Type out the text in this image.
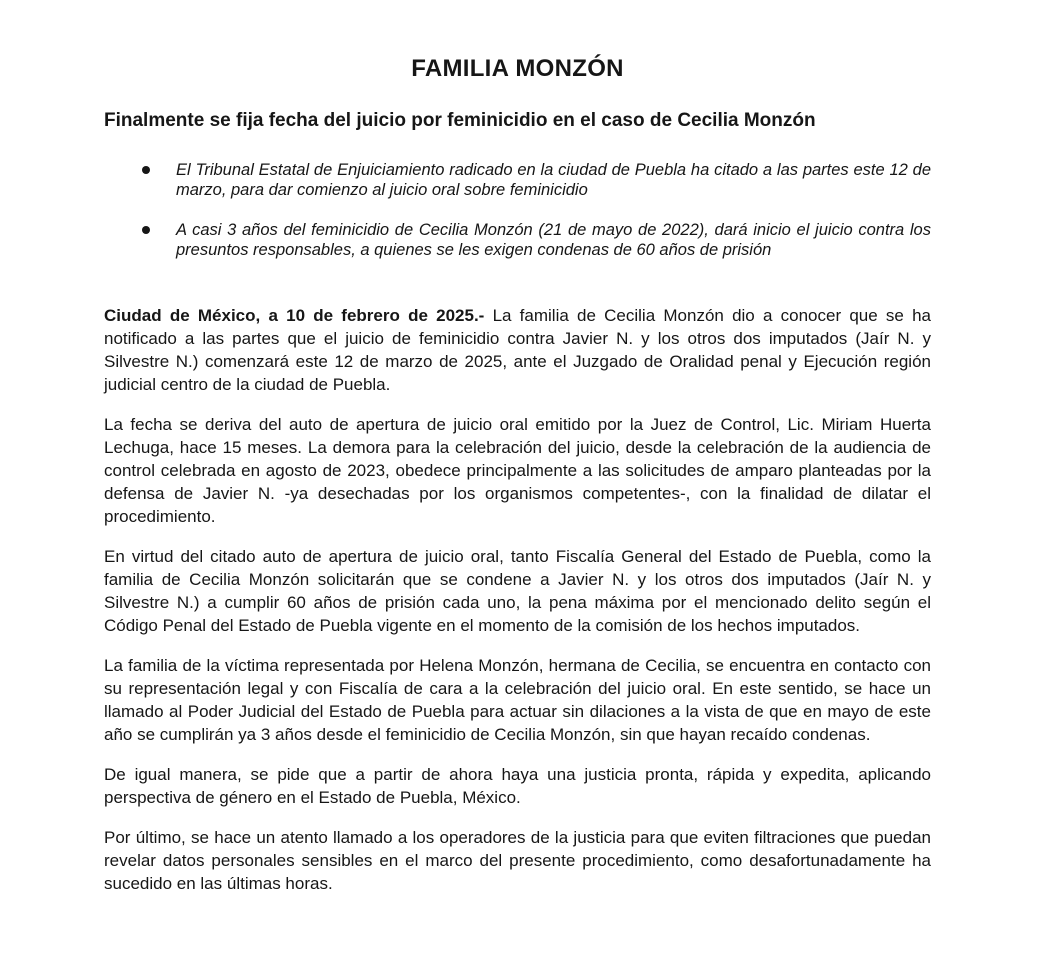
FAMILIA MONZÓN
Finalmente se fija fecha del juicio por feminicidio en el caso de Cecilia Monzón
El Tribunal Estatal de Enjuiciamiento radicado en la ciudad de Puebla ha citado a las partes este 12 de marzo, para dar comienzo al juicio oral sobre feminicidio
A casi 3 años del feminicidio de Cecilia Monzón (21 de mayo de 2022), dará inicio el juicio contra los presuntos responsables, a quienes se les exigen condenas de 60 años de prisión

Ciudad de México, a 10 de febrero de 2025.- La familia de Cecilia Monzón dio a conocer que se ha notificado a las partes que el juicio de feminicidio contra Javier N. y los otros dos imputados (Jaír N. y Silvestre N.) comenzará este 12 de marzo de 2025, ante el Juzgado de Oralidad penal y Ejecución región judicial centro de la ciudad de Puebla.

La fecha se deriva del auto de apertura de juicio oral emitido por la Juez de Control, Lic. Miriam Huerta Lechuga, hace 15 meses. La demora para la celebración del juicio, desde la celebración de la audiencia de control celebrada en agosto de 2023, obedece principalmente a las solicitudes de amparo planteadas por la defensa de Javier N. -ya desechadas por los organismos competentes-, con la finalidad de dilatar el procedimiento.

En virtud del citado auto de apertura de juicio oral, tanto Fiscalía General del Estado de Puebla, como la familia de Cecilia Monzón solicitarán que se condene a Javier N. y los otros dos imputados (Jaír N. y Silvestre N.) a cumplir 60 años de prisión cada uno, la pena máxima por el mencionado delito según el Código Penal del Estado de Puebla vigente en el momento de la comisión de los hechos imputados.

La familia de la víctima representada por Helena Monzón, hermana de Cecilia, se encuentra en contacto con su representación legal y con Fiscalía de cara a la celebración del juicio oral. En este sentido, se hace un llamado al Poder Judicial del Estado de Puebla para actuar sin dilaciones a la vista de que en mayo de este año se cumplirán ya 3 años desde el feminicidio de Cecilia Monzón, sin que hayan recaído condenas.

De igual manera, se pide que a partir de ahora haya una justicia pronta, rápida y expedita, aplicando perspectiva de género en el Estado de Puebla, México.

Por último, se hace un atento llamado a los operadores de la justicia para que eviten filtraciones que puedan revelar datos personales sensibles en el marco del presente procedimiento, como desafortunadamente ha sucedido en las últimas horas.
